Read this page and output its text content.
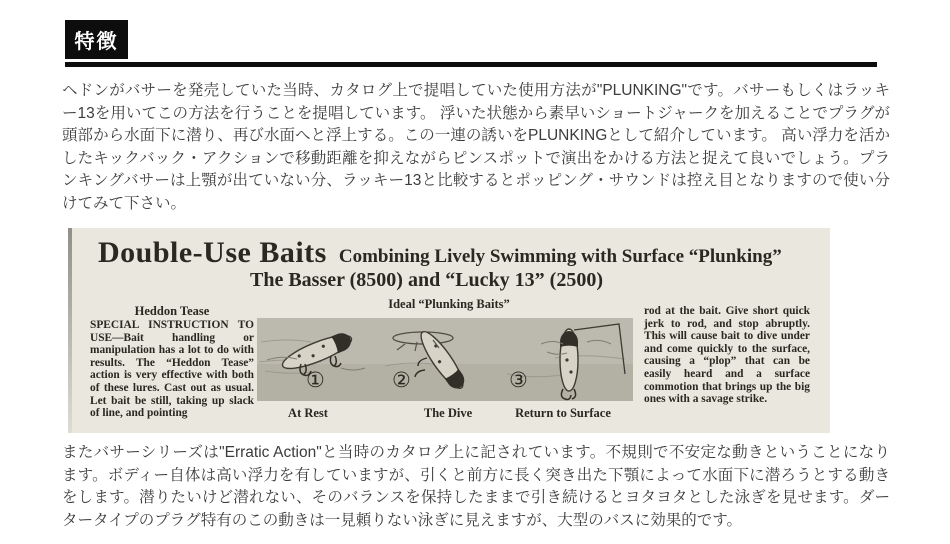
特徴

ヘドンがバサーを発売していた当時、カタログ上で提唱していた使用方法が"PLUNKING"です。バサーもしくはラッキー13を用いてこの方法を行うことを提唱しています。 浮いた状態から素早いショートジャークを加えることでプラグが頭部から水面下に潜り、再び水面へと浮上する。この一連の誘いをPLUNKINGとして紹介しています。 高い浮力を活かしたキックバック・アクションで移動距離を抑えながらピンスポットで演出をかける方法と捉えて良いでしょう。プランキングバサーは上顎が出ていない分、ラッキー13と比較するとポッピング・サウンドは控え目となりますので使い分けてみて下さい。

Double-Use Baits Combining Lively Swimming with Surface “Plunking”
The Basser (8500) and “Lucky 13” (2500)
Ideal “Plunking Baits”
Heddon Tease
SPECIAL INSTRUCTION TO USE—Bait handling or manipulation has a lot to do with results. The “Heddon Tease” action is very effective with both of these lures. Cast out as usual. Let bait be still, taking up slack of line, and pointing
①	②	③
At Rest	The Dive	Return to Surface
rod at the bait. Give short quick jerk to rod, and stop abruptly. This will cause bait to dive under and come quickly to the surface, causing a “plop” that can be easily heard and a surface commotion that brings up the big ones with a savage strike.

またバサーシリーズは"Erratic Action"と当時のカタログ上に記されています。不規則で不安定な動きということになります。ボディー自体は高い浮力を有していますが、引くと前方に長く突き出た下顎によって水面下に潜ろうとする動きをします。潜りたいけど潜れない、そのバランスを保持したままで引き続けるとヨタヨタとした泳ぎを見せます。ダータータイプのプラグ特有のこの動きは一見頼りない泳ぎに見えますが、大型のバスに効果的です。
